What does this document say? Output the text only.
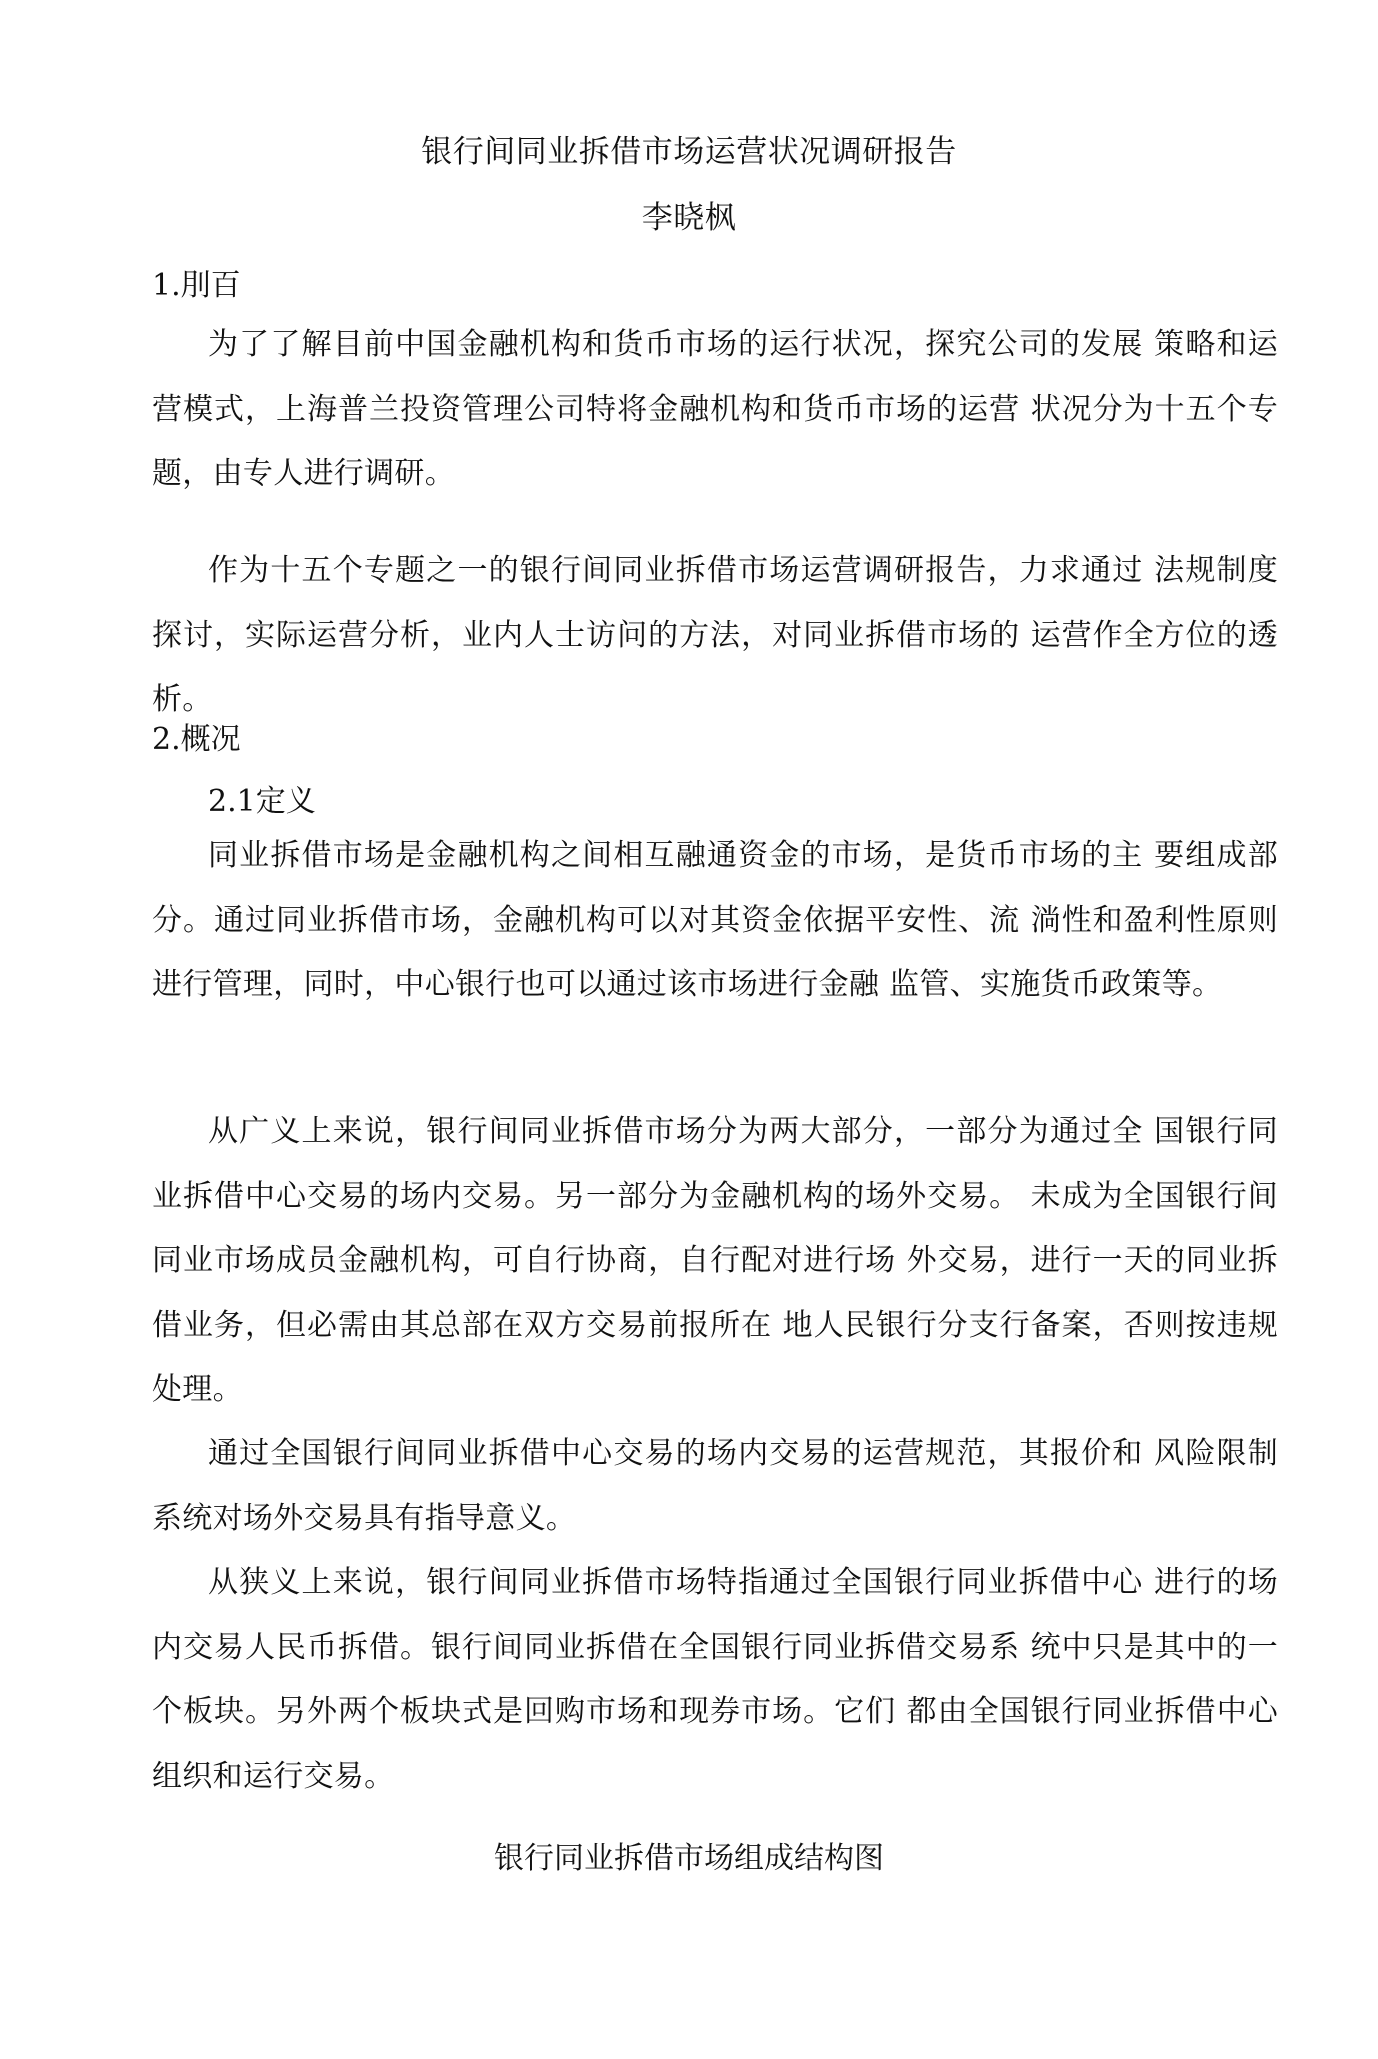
银行间同业拆借市场运营状况调研报告
李晓枫
1.刖百

为了了解目前中国金融机构和货币市场的运行状况，探究公司的发展 策略和运营模式，上海普兰投资管理公司特将金融机构和货币市场的运营 状况分为十五个专题，由专人进行调研。

作为十五个专题之一的银行间同业拆借市场运营调研报告，力求通过 法规制度探讨，实际运营分析，业内人士访问的方法，对同业拆借市场的 运营作全方位的透析。

2.概况
2.1定义

同业拆借市场是金融机构之间相互融通资金的市场，是货币市场的主 要组成部分。通过同业拆借市场，金融机构可以对其资金依据平安性、流 淌性和盈利性原则进行管理，同时，中心银行也可以通过该市场进行金融 监管、实施货币政策等。

从广义上来说，银行间同业拆借市场分为两大部分，一部分为通过全 国银行同业拆借中心交易的场内交易。另一部分为金融机构的场外交易。 未成为全国银行间同业市场成员金融机构，可自行协商，自行配对进行场 外交易，进行一天的同业拆借业务，但必需由其总部在双方交易前报所在 地人民银行分支行备案，否则按违规处理。

通过全国银行间同业拆借中心交易的场内交易的运营规范，其报价和 风险限制系统对场外交易具有指导意义。

从狭义上来说，银行间同业拆借市场特指通过全国银行同业拆借中心 进行的场内交易人民币拆借。银行间同业拆借在全国银行同业拆借交易系 统中只是其中的一个板块。另外两个板块式是回购市场和现券市场。它们 都由全国银行同业拆借中心组织和运行交易。

银行同业拆借市场组成结构图
